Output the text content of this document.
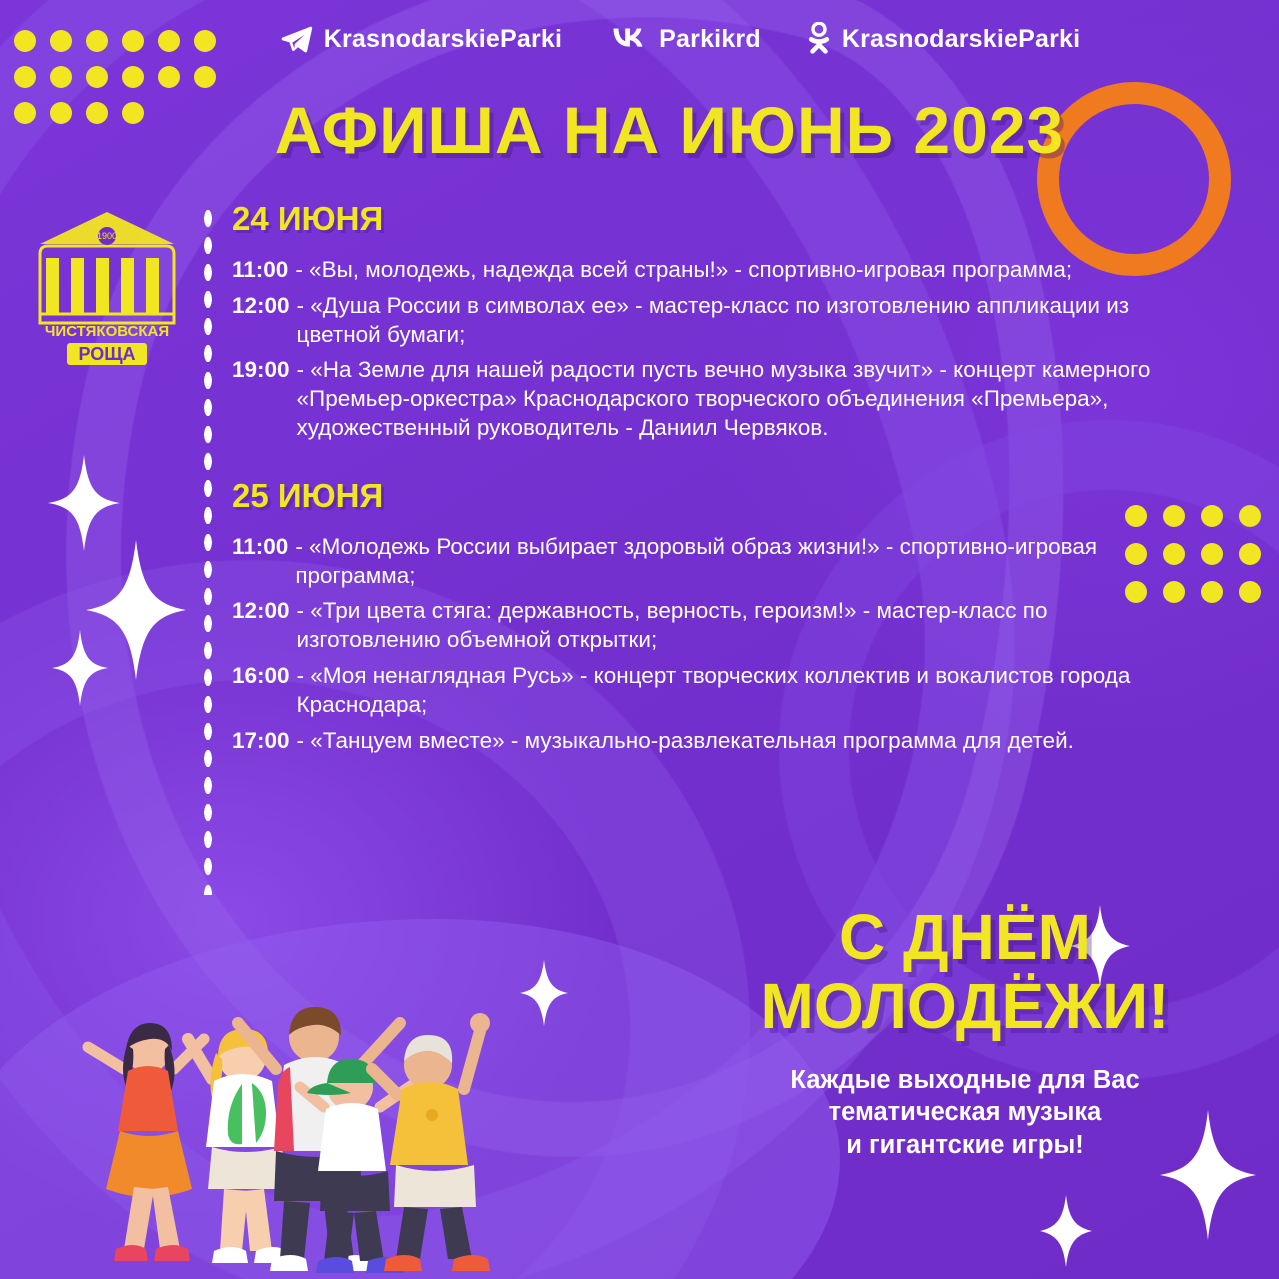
KrasnodarskieParki	Parkikrd	KrasnodarskieParki
АФИША НА ИЮНЬ 2023
1900
ЧИСТЯКОВСКАЯ
РОЩА
24 ИЮНЯ
11:00 - «Вы, молодежь, надежда всей страны!» - спортивно-игровая программа;
12:00 - «Душа России в символах ее» - мастер-класс по изготовлению аппликации из цветной бумаги;
19:00 - «На Земле для нашей радости пусть вечно музыка звучит» - концерт камерного «Премьер-оркестра» Краснодарского творческого объединения «Премьера», художественный руководитель - Даниил Червяков.
25 ИЮНЯ
11:00 - «Молодежь России выбирает здоровый образ жизни!» - спортивно-игровая программа;
12:00 - «Три цвета стяга: державность, верность, героизм!» - мастер-класс по изготовлению объемной открытки;
16:00 - «Моя ненаглядная Русь» - концерт творческих коллектив и вокалистов города Краснодара;
17:00 - «Танцуем вместе» - музыкально-развлекательная программа для детей.
С ДНЁМ
МОЛОДЁЖИ!
Каждые выходные для Вас
тематическая музыка
и гигантские игры!
